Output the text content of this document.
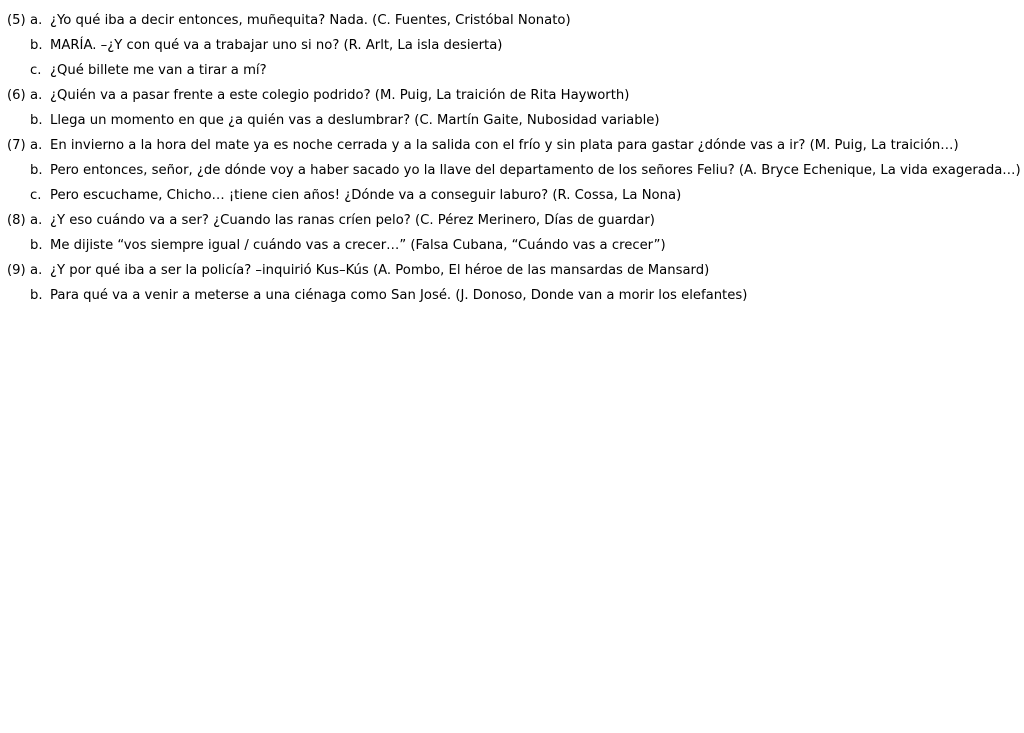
(5) a. ¿Yo qué iba a decir entonces, muñequita? Nada. (C. Fuentes, Cristóbal Nonato)
b. MARÍA. –¿Y con qué va a trabajar uno si no? (R. Arlt, La isla desierta)
c. ¿Qué billete me van a tirar a mí?
(6) a. ¿Quién va a pasar frente a este colegio podrido? (M. Puig, La traición de Rita Hayworth)
b. Llega un momento en que ¿a quién vas a deslumbrar? (C. Martín Gaite, Nubosidad variable)
(7) a. En invierno a la hora del mate ya es noche cerrada y a la salida con el frío y sin plata para gastar ¿dónde vas a ir? (M. Puig, La traición…)
b. Pero entonces, señor, ¿de dónde voy a haber sacado yo la llave del departamento de los señores Feliu? (A. Bryce Echenique, La vida exagerada…)
c. Pero escuchame, Chicho… ¡tiene cien años! ¿Dónde va a conseguir laburo? (R. Cossa, La Nona)
(8) a. ¿Y eso cuándo va a ser? ¿Cuando las ranas críen pelo? (C. Pérez Merinero, Días de guardar)
b. Me dijiste “vos siempre igual / cuándo vas a crecer…” (Falsa Cubana, “Cuándo vas a crecer”)
(9) a. ¿Y por qué iba a ser la policía? –inquirió Kus–Kús (A. Pombo, El héroe de las mansardas de Mansard)
b. Para qué va a venir a meterse a una ciénaga como San José. (J. Donoso, Donde van a morir los elefantes)
